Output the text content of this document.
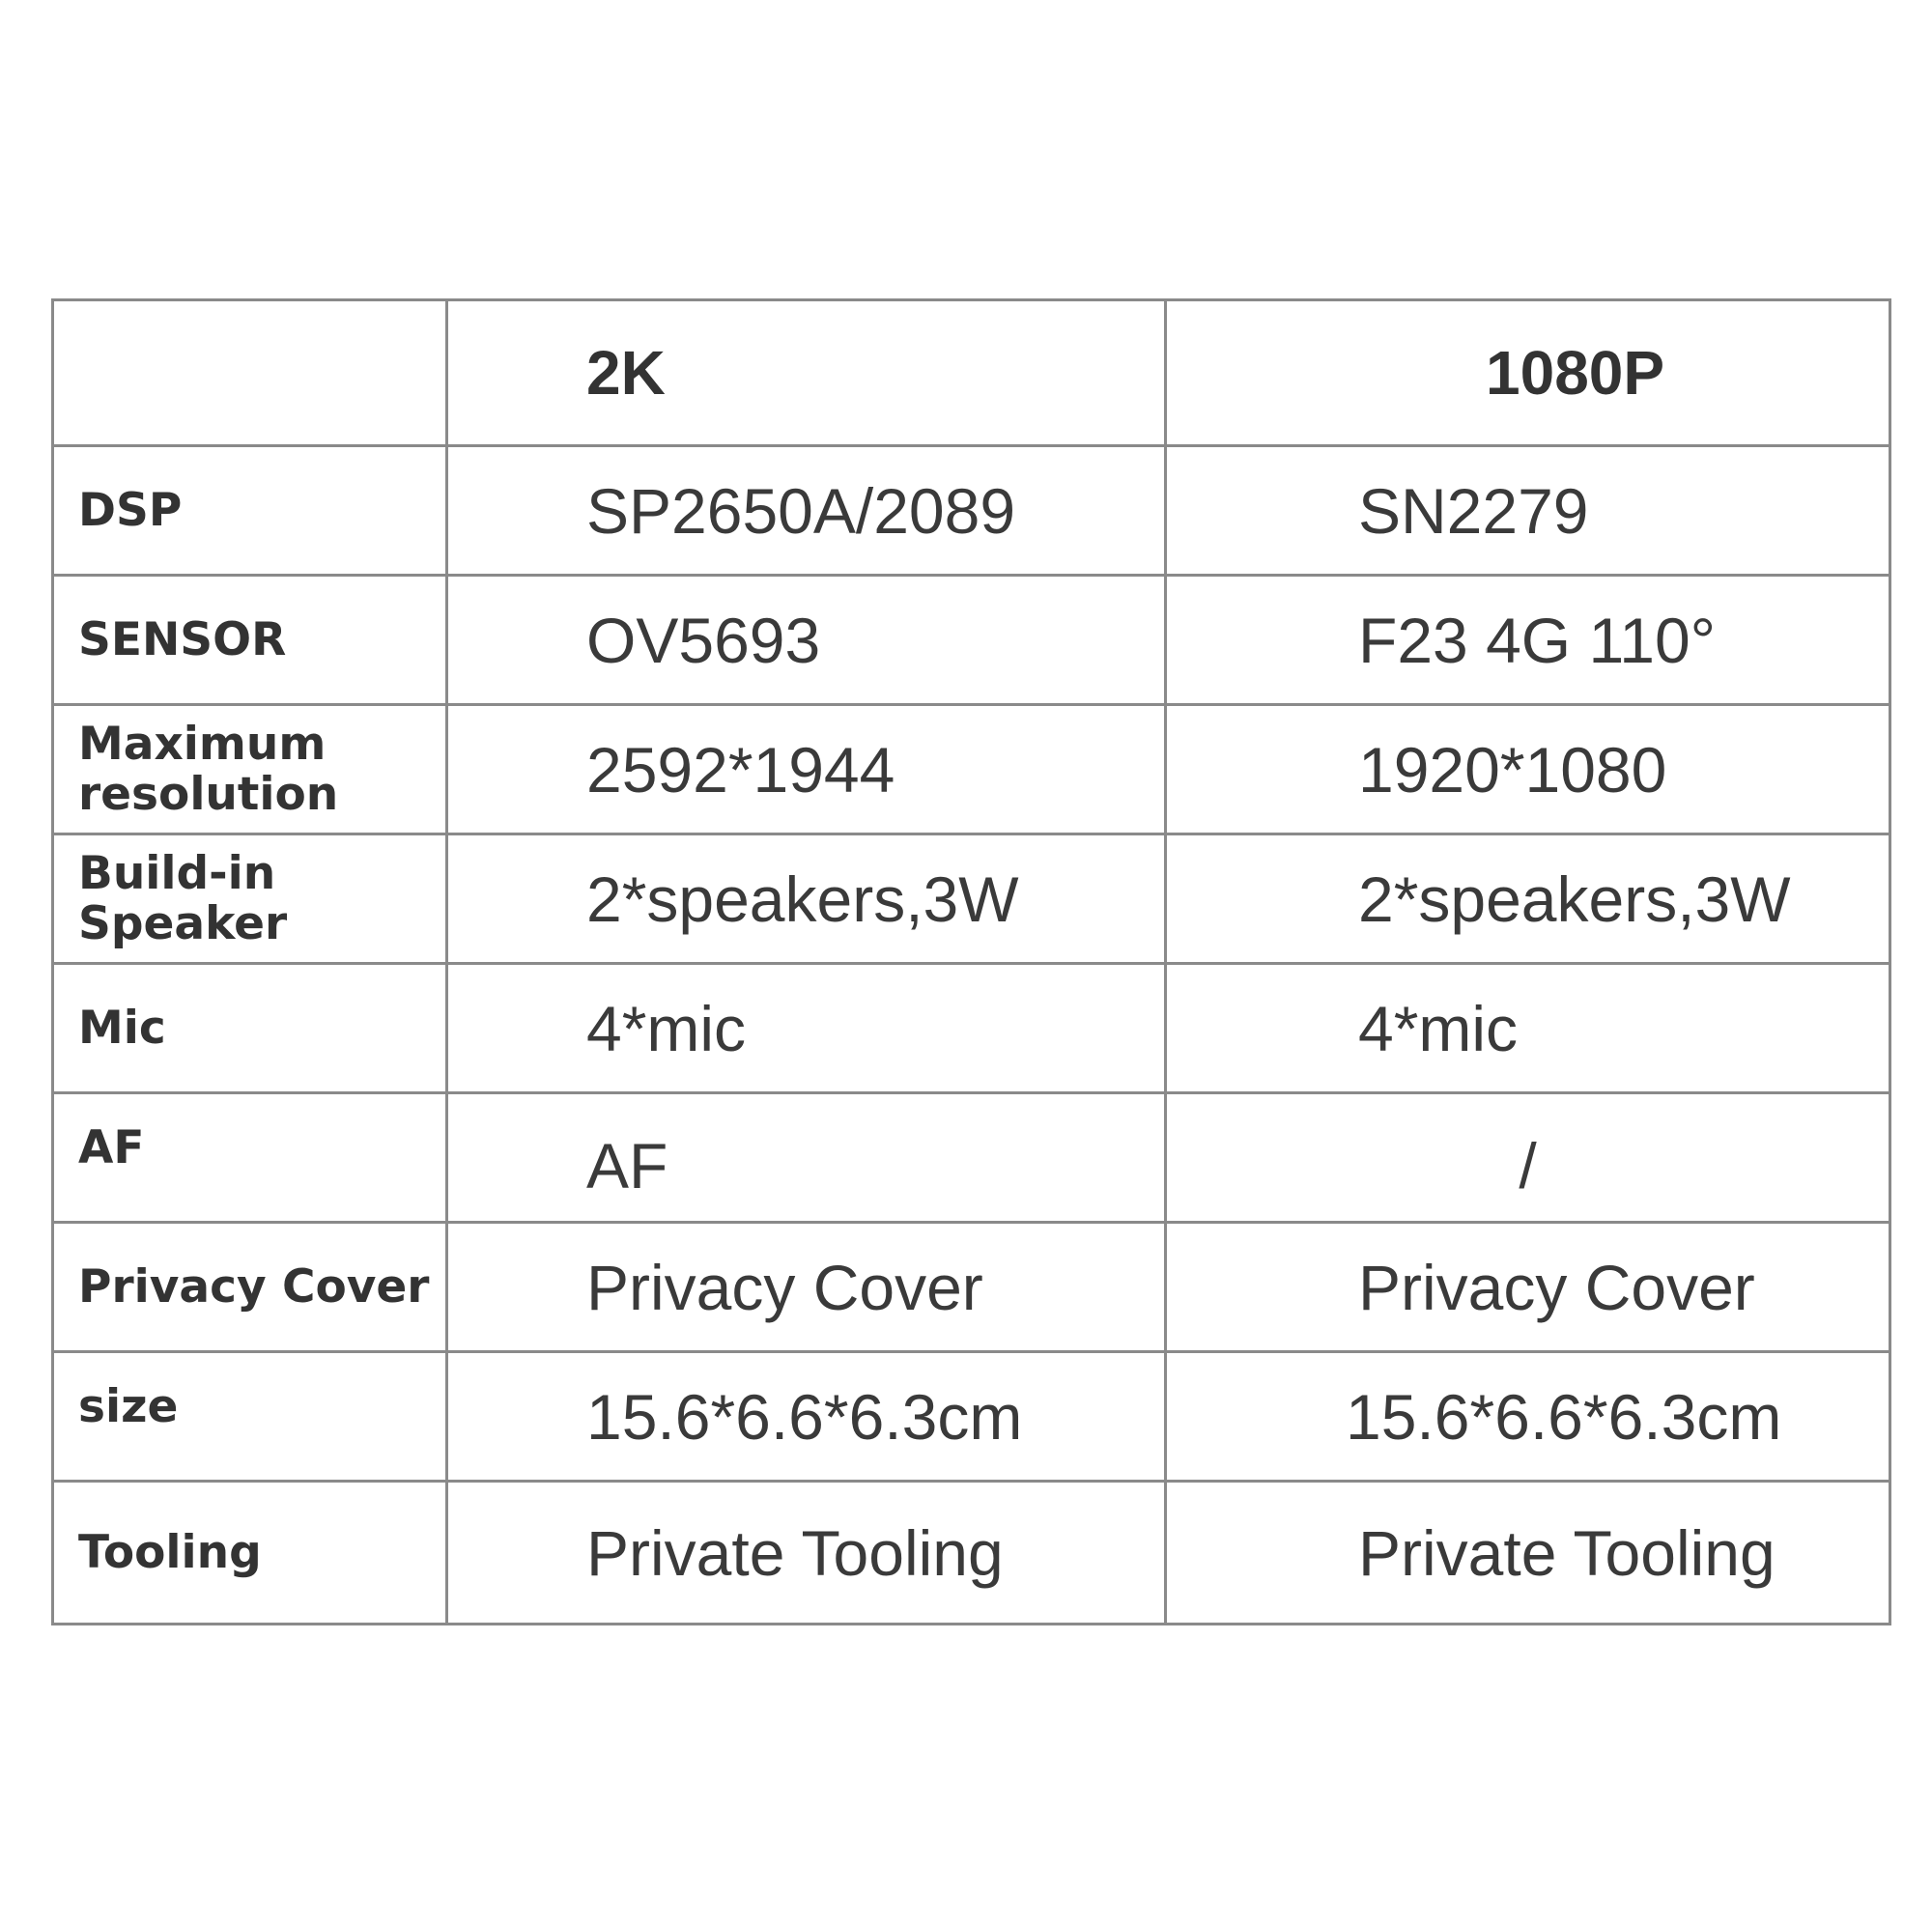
	2K	1080P
DSP	SP2650A/2089	SN2279
SENSOR	OV5693	F23 4G 110°
Maximum resolution	2592*1944	1920*1080
Build-in Speaker	2*speakers,3W	2*speakers,3W
Mic	4*mic	4*mic
AF	AF	/
Privacy Cover	Privacy Cover	Privacy Cover
size	15.6*6.6*6.3cm	15.6*6.6*6.3cm
Tooling	Private Tooling	Private Tooling
